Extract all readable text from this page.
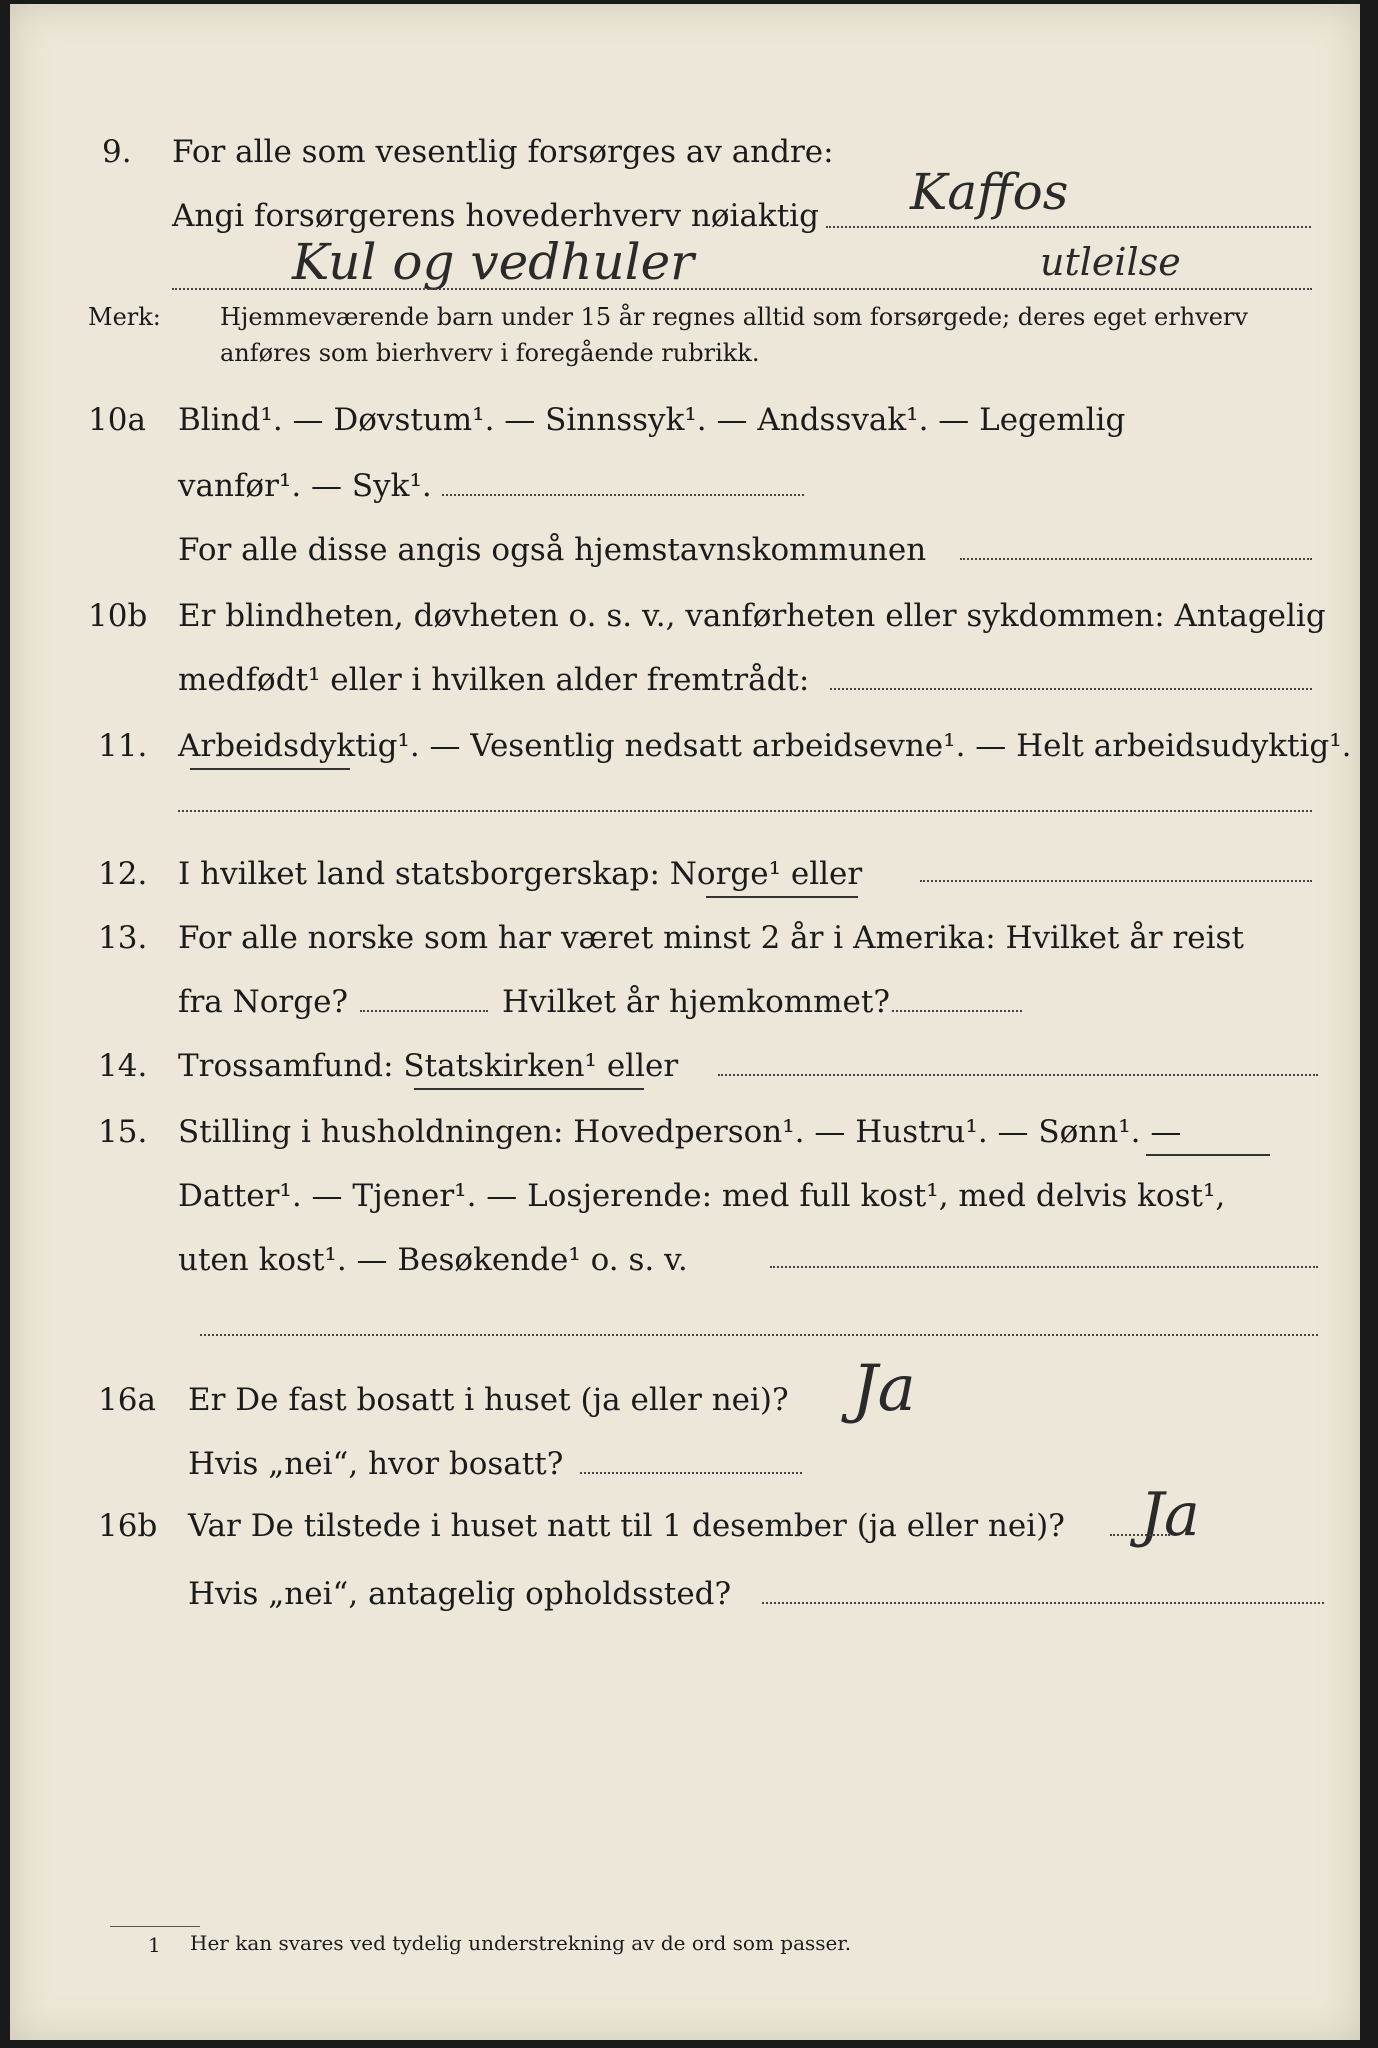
9. For alle som vesentlig forsørges av andre:
Angi forsørgerens hovederhverv nøiaktig Kaffos
Kul og vedhuler	utleilse
Merk: Hjemmeværende barn under 15 år regnes alltid som forsørgede; deres eget erhverv
anføres som bierhverv i foregående rubrikk.
10a Blind¹. — Døvstum¹. — Sinnssyk¹. — Andssvak¹. — Legemlig
vanfør¹. — Syk¹.
For alle disse angis også hjemstavnskommunen
10b Er blindheten, døvheten o. s. v., vanførheten eller sykdommen: Antagelig
medfødt¹ eller i hvilken alder fremtrådt:
11. Arbeidsdyktig¹. — Vesentlig nedsatt arbeidsevne¹. — Helt arbeidsudyktig¹.
12. I hvilket land statsborgerskap: Norge¹ eller
13. For alle norske som har været minst 2 år i Amerika: Hvilket år reist
fra Norge?	Hvilket år hjemkommet?
14. Trossamfund: Statskirken¹ eller
15. Stilling i husholdningen: Hovedperson¹. — Hustru¹. — Sønn¹. —
Datter¹. — Tjener¹. — Losjerende: med full kost¹, med delvis kost¹,
uten kost¹. — Besøkende¹ o. s. v.
16a Er De fast bosatt i huset (ja eller nei)? Ja
Hvis „nei“, hvor bosatt?
16b Var De tilstede i huset natt til 1 desember (ja eller nei)? Ja
Hvis „nei“, antagelig opholdssted?
1 Her kan svares ved tydelig understrekning av de ord som passer.
